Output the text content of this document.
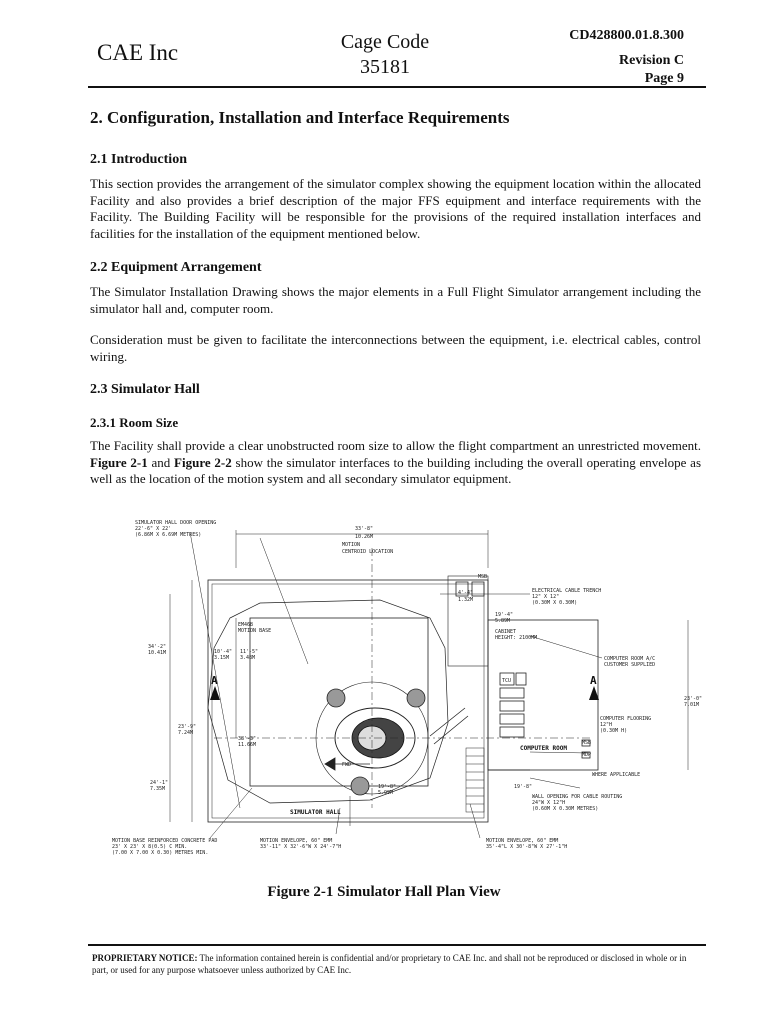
CAE Inc	Cage Code
35181
CD428800.01.8.300
Revision C
Page 9
2. Configuration, Installation and Interface Requirements
2.1 Introduction

This section provides the arrangement of the simulator complex showing the equipment location within the allocated Facility and also provides a brief description of the major FFS equipment and interface requirements with the Facility. The Building Facility will be responsible for the provisions of the required installation interfaces and facilities for the installation of the equipment mentioned below.

2.2 Equipment Arrangement

The Simulator Installation Drawing shows the major elements in a Full Flight Simulator arrangement including the simulator hall and, computer room.

Consideration must be given to facilitate the interconnections between the equipment, i.e. electrical cables, control wiring.

2.3 Simulator Hall
2.3.1 Room Size

The Facility shall provide a clear unobstructed room size to allow the flight compartment an unrestricted movement. Figure 2-1 and Figure 2-2 show the simulator interfaces to the building including the overall operating envelope as well as the location of the motion system and all secondary simulator equipment.

SIMULATOR HALL DOOR OPENING
22'-6" X 22'
(6.86M X 6.69M METRES)
33'-8"
10.26M
MOTION
CENTROID LOCATION
MSB
ELECTRICAL CABLE TRENCH
12" X 12"
(0.30M X 0.30M)
4'-4"
1.32M
19'-4"
5.89M
EM468
MOTION BASE	CABINET
HEIGHT: 2100MM
COMPUTER ROOM A/C
CUSTOMER SUPPLIED
10'-4"
3.15M
34'-2"
10.41M	11'-5"
3.48M
23'-0"
7.01M
COMPUTER FLOORING
12"H
(0.30M H)
23'-9"
7.24M
38'-3"
11.66M
24'-1"
7.35M
FWD
19'-8"
5.99M
19'-8"
WHERE APPLICABLE
MSB
MDP
TCU
WALL OPENING FOR CABLE ROUTING
24"W X 12"H
(0.60M X 0.30M METRES)
MOTION BASE REINFORCED CONCRETE PAD
23' X 23' X 8(0.5) C MIN.
(7.00 X 7.00 X 0.30) METRES MIN.
MOTION ENVELOPE, 60" EMM
33'-11" X 32'-6"W X 24'-7"H
MOTION ENVELOPE, 60" EMM
35'-4"L X 30'-8"W X 27'-1"H
SIMULATOR HALL
COMPUTER ROOM
A	A
Figure 2-1 Simulator Hall Plan View
PROPRIETARY NOTICE: The information contained herein is confidential and/or proprietary to CAE Inc. and shall not be reproduced or disclosed in whole or in part, or used for any purpose whatsoever unless authorized by CAE Inc.
